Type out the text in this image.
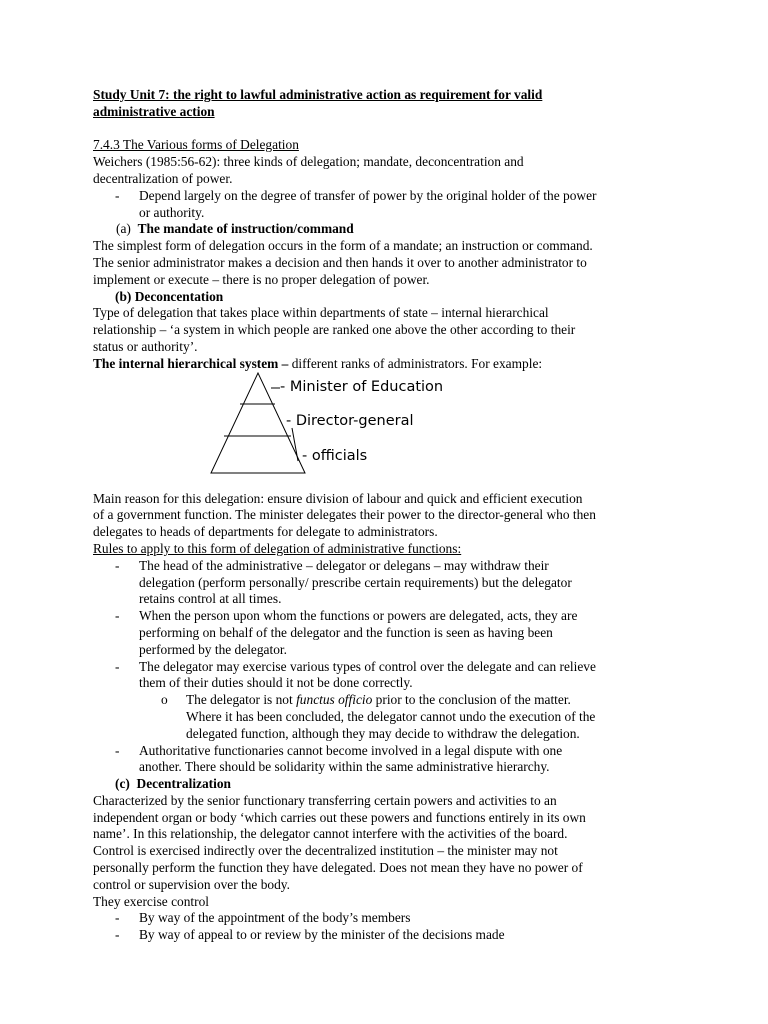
Study Unit 7: the right to lawful administrative action as requirement for valid
administrative action
7.4.3 The Various forms of Delegation
Weichers (1985:56-62): three kinds of delegation; mandate, deconcentration and
decentralization of power.
- Depend largely on the degree of transfer of power by the original holder of the power
or authority.
(a) The mandate of instruction/command
The simplest form of delegation occurs in the form of a mandate; an instruction or command.
The senior administrator makes a decision and then hands it over to another administrator to
implement or execute – there is no proper delegation of power.
(b) Deconcentation
Type of delegation that takes place within departments of state – internal hierarchical
relationship – ‘a system in which people are ranked one above the other according to their
status or authority’.
The internal hierarchical system – different ranks of administrators. For example:
- Minister of Education
- Director-general
- officials
Main reason for this delegation: ensure division of labour and quick and efficient execution
of a government function. The minister delegates their power to the director-general who then
delegates to heads of departments for delegate to administrators.
Rules to apply to this form of delegation of administrative functions:
- The head of the administrative – delegator or delegans – may withdraw their
delegation (perform personally/ prescribe certain requirements) but the delegator
retains control at all times.
- When the person upon whom the functions or powers are delegated, acts, they are
performing on behalf of the delegator and the function is seen as having been
performed by the delegator.
- The delegator may exercise various types of control over the delegate and can relieve
them of their duties should it not be done correctly.
o The delegator is not functus officio prior to the conclusion of the matter.
Where it has been concluded, the delegator cannot undo the execution of the
delegated function, although they may decide to withdraw the delegation.
- Authoritative functionaries cannot become involved in a legal dispute with one
another. There should be solidarity within the same administrative hierarchy.
(c)  Decentralization
Characterized by the senior functionary transferring certain powers and activities to an
independent organ or body ‘which carries out these powers and functions entirely in its own
name’. In this relationship, the delegator cannot interfere with the activities of the board.
Control is exercised indirectly over the decentralized institution – the minister may not
personally perform the function they have delegated. Does not mean they have no power of
control or supervision over the body.
They exercise control
- By way of the appointment of the body’s members
- By way of appeal to or review by the minister of the decisions made
